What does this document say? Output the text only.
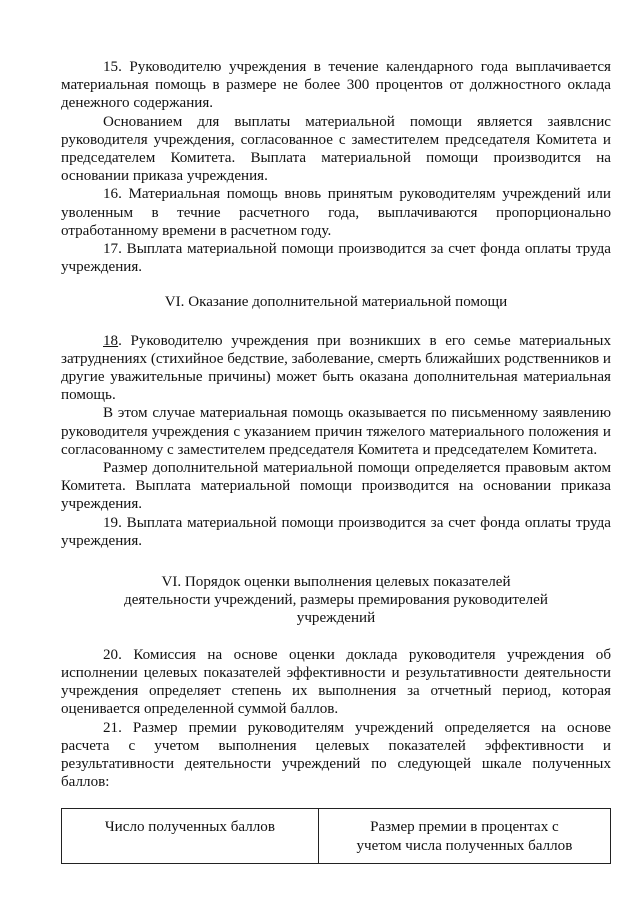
15. Руководителю учреждения в течение календарного года выплачивается материальная помощь в размере не более 300 процентов от должностного оклада денежного содержания.

Основанием для выплаты материальной помощи является заявлснис руководителя учреждения, согласованное с заместителем председателя Комитета и председателем Комитета. Выплата материальной помощи производится на основании приказа учреждения.

16. Материальная помощь вновь принятым руководителям учреждений или уволенным в течние расчетного года, выплачиваются пропорционально отработанному времени в расчетном году.

17. Выплата материальной помощи производится за счет фонда оплаты труда учреждения.

VI. Оказание дополнительной материальной помощи

18. Руководителю учреждения при возникших в его семье материальных затруднениях (стихийное бедствие, заболевание, смерть ближайших родственников и другие уважительные причины) может быть оказана дополнительная материальная помощь.

В этом случае материальная помощь оказывается по письменному заявлению руководителя учреждения с указанием причин тяжелого материального положения и согласованному с заместителем председателя Комитета и председателем Комитета.

Размер дополнительной материальной помощи определяется правовым актом Комитета. Выплата материальной помощи производится на основании приказа учреждения.

19. Выплата материальной помощи производится за счет фонда оплаты труда учреждения.

VI. Порядок оценки выполнения целевых показателей
деятельности учреждений, размеры премирования руководителей
учреждений

20. Комиссия на основе оценки доклада руководителя учреждения об исполнении целевых показателей эффективности и результативности деятельности учреждения определяет степень их выполнения за отчетный период, которая оценивается определенной суммой баллов.

21. Размер премии руководителям учреждений определяется на основе расчета с учетом выполнения целевых показателей эффективности и результативности деятельности учреждений по следующей шкале полученных баллов:

Число полученных баллов	Размер премии в процентах с
учетом числа полученных баллов
